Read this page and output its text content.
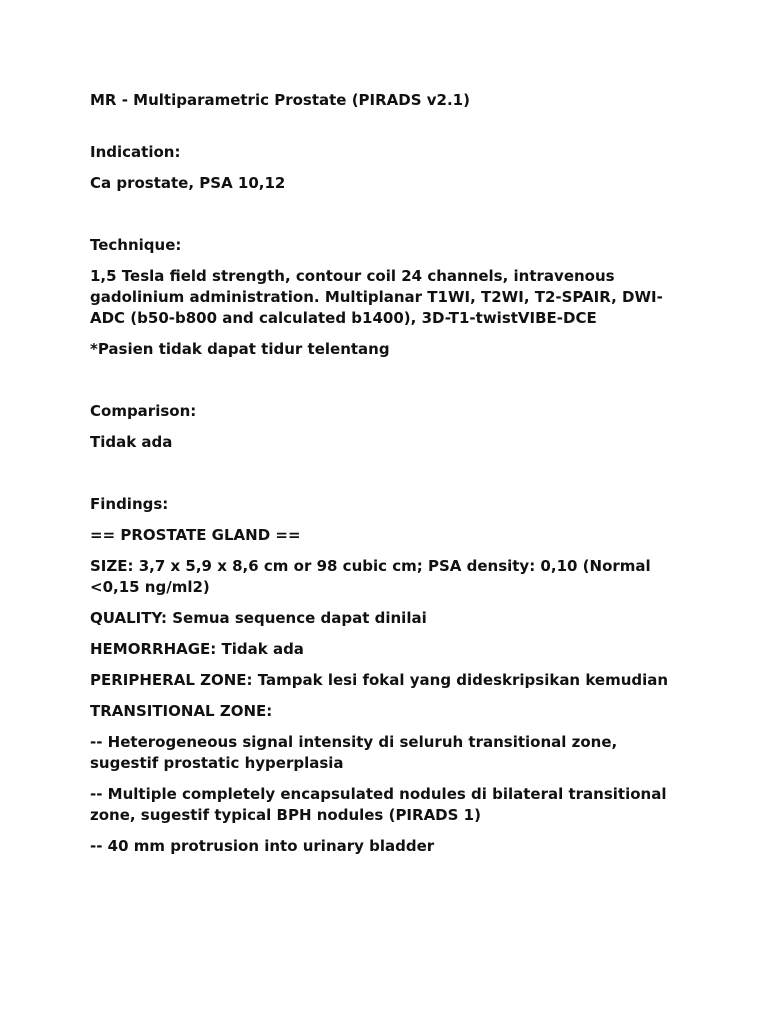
MR - Multiparametric Prostate (PIRADS v2.1)

Indication:

Ca prostate, PSA 10,12

Technique:

1,5 Tesla field strength, contour coil 24 channels, intravenous gadolinium administration. Multiplanar T1WI, T2WI, T2-SPAIR, DWI-ADC (b50-b800 and calculated b1400), 3D-T1-twistVIBE-DCE

*Pasien tidak dapat tidur telentang

Comparison:

Tidak ada

Findings:

== PROSTATE GLAND ==

SIZE: 3,7 x 5,9 x 8,6 cm or 98 cubic cm; PSA density: 0,10 (Normal <0,15 ng/ml2)

QUALITY: Semua sequence dapat dinilai

HEMORRHAGE: Tidak ada

PERIPHERAL ZONE: Tampak lesi fokal yang dideskripsikan kemudian

TRANSITIONAL ZONE:

-- Heterogeneous signal intensity di seluruh transitional zone, sugestif prostatic hyperplasia

-- Multiple completely encapsulated nodules di bilateral transitional zone, sugestif typical BPH nodules (PIRADS 1)

-- 40 mm protrusion into urinary bladder
